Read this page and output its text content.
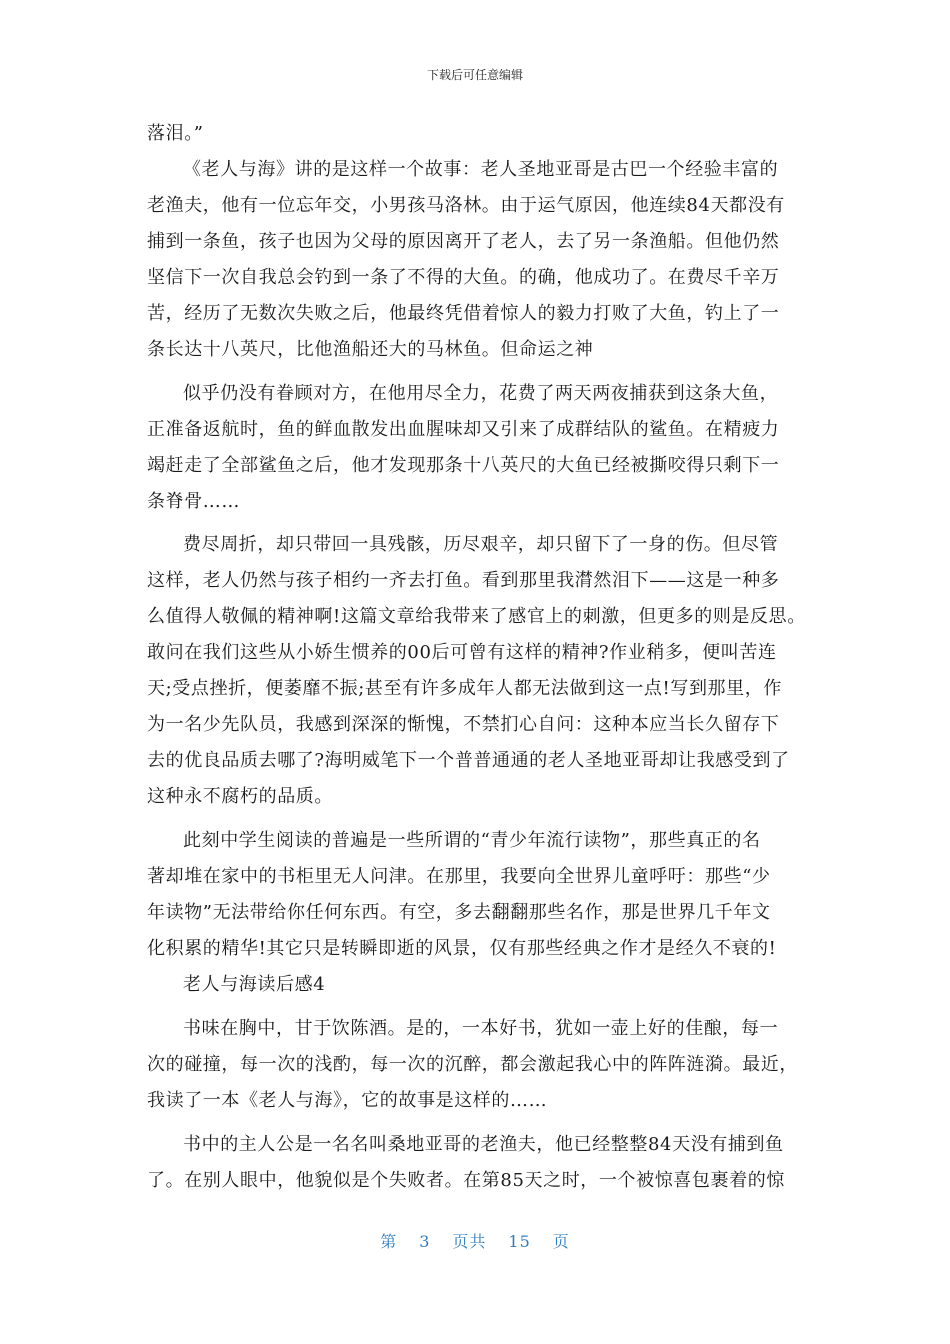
下载后可任意编辑
落泪。”
《老人与海》讲的是这样一个故事：老人圣地亚哥是古巴一个经验丰富的
老渔夫，他有一位忘年交，小男孩马洛林。由于运气原因，他连续84天都没有
捕到一条鱼，孩子也因为父母的原因离开了老人，去了另一条渔船。但他仍然
坚信下一次自我总会钓到一条了不得的大鱼。的确，他成功了。在费尽千辛万
苦，经历了无数次失败之后，他最终凭借着惊人的毅力打败了大鱼，钓上了一
条长达十八英尺，比他渔船还大的马林鱼。但命运之神
似乎仍没有眷顾对方，在他用尽全力，花费了两天两夜捕获到这条大鱼，
正准备返航时，鱼的鲜血散发出血腥味却又引来了成群结队的鲨鱼。在精疲力
竭赶走了全部鲨鱼之后，他才发现那条十八英尺的大鱼已经被撕咬得只剩下一
条脊骨……
费尽周折，却只带回一具残骸，历尽艰辛，却只留下了一身的伤。但尽管
这样，老人仍然与孩子相约一齐去打鱼。看到那里我潸然泪下——这是一种多
么值得人敬佩的精神啊!这篇文章给我带来了感官上的刺激，但更多的则是反思。
敢问在我们这些从小娇生惯养的00后可曾有这样的精神?作业稍多，便叫苦连
天;受点挫折，便萎靡不振;甚至有许多成年人都无法做到这一点!写到那里，作
为一名少先队员，我感到深深的惭愧，不禁扪心自问：这种本应当长久留存下
去的优良品质去哪了?海明威笔下一个普普通通的老人圣地亚哥却让我感受到了
这种永不腐朽的品质。
此刻中学生阅读的普遍是一些所谓的“青少年流行读物”，那些真正的名
著却堆在家中的书柜里无人问津。在那里，我要向全世界儿童呼吁：那些“少
年读物”无法带给你任何东西。有空，多去翻翻那些名作，那是世界几千年文
化积累的精华!其它只是转瞬即逝的风景，仅有那些经典之作才是经久不衰的!
老人与海读后感4
书味在胸中，甘于饮陈酒。是的，一本好书，犹如一壶上好的佳酿，每一
次的碰撞，每一次的浅酌，每一次的沉醉，都会激起我心中的阵阵涟漪。最近，
我读了一本《老人与海》，它的故事是这样的……
书中的主人公是一名名叫桑地亚哥的老渔夫，他已经整整84天没有捕到鱼
了。在别人眼中，他貌似是个失败者。在第85天之时，一个被惊喜包裹着的惊
第 3 页共 15 页
